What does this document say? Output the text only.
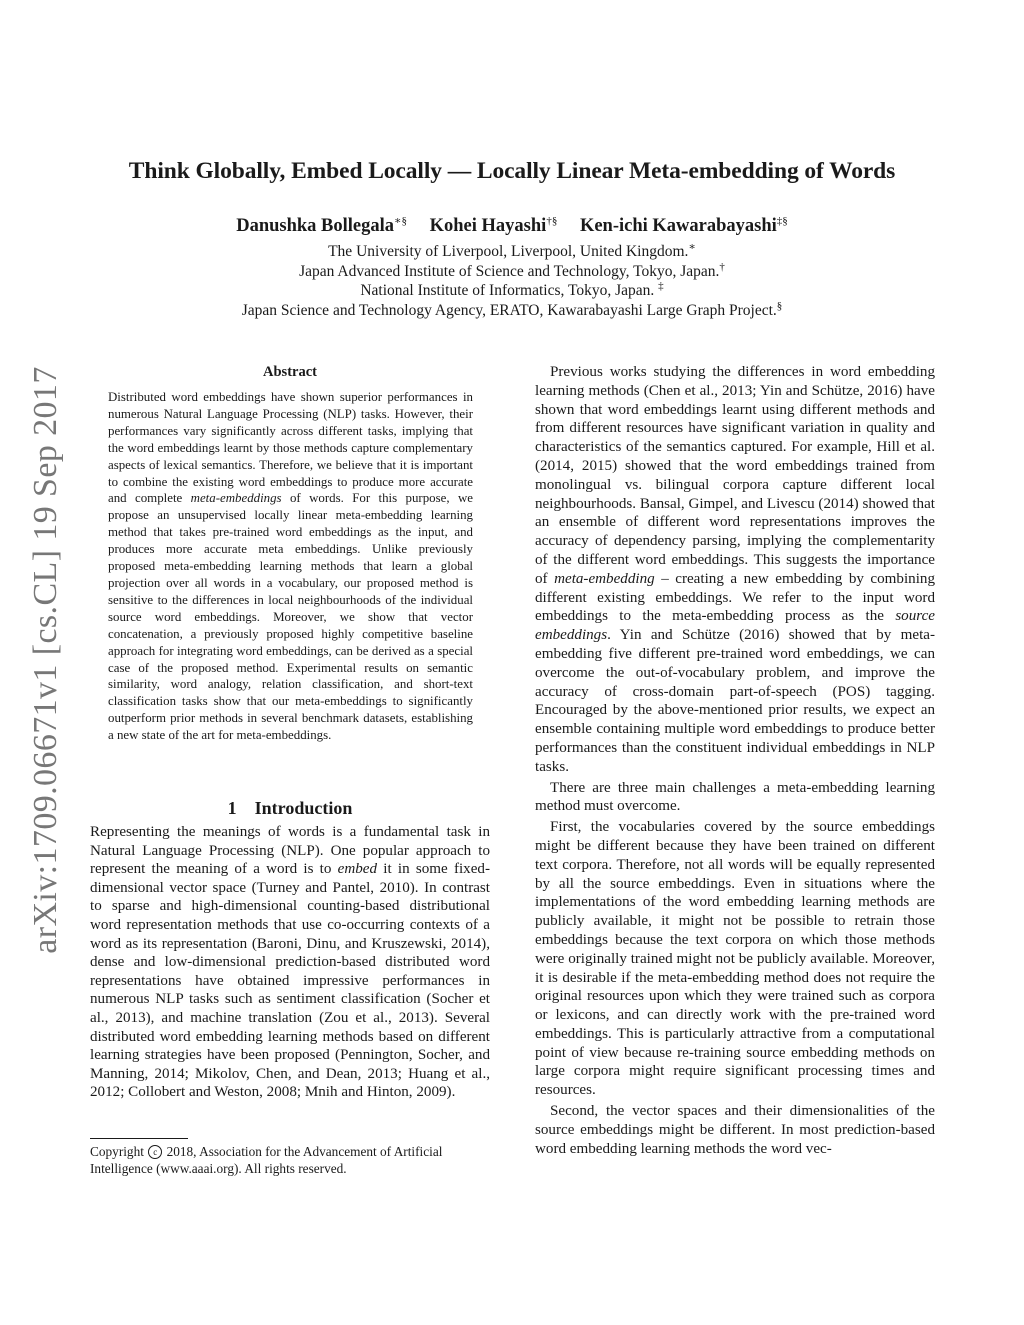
Think Globally, Embed Locally — Locally Linear Meta-embedding of Words
Danushka Bollegala∗§ Kohei Hayashi†§ Ken-ichi Kawarabayashi‡§
The University of Liverpool, Liverpool, United Kingdom.∗
Japan Advanced Institute of Science and Technology, Tokyo, Japan.†
National Institute of Informatics, Tokyo, Japan. ‡
Japan Science and Technology Agency, ERATO, Kawarabayashi Large Graph Project.§
arXiv:1709.06671v1 [cs.CL] 19 Sep 2017	Abstract

Distributed word embeddings have shown superior performances in numerous Natural Language Processing (NLP) tasks. However, their performances vary significantly across different tasks, implying that the word embeddings learnt by those methods capture complementary aspects of lexical semantics. Therefore, we believe that it is important to combine the existing word embeddings to produce more accurate and complete meta-embeddings of words. For this purpose, we propose an unsupervised locally linear meta-embedding learning method that takes pre-trained word embeddings as the input, and produces more accurate meta embeddings. Unlike previously proposed meta-embedding learning methods that learn a global projection over all words in a vocabulary, our proposed method is sensitive to the differences in local neighbourhoods of the individual source word embeddings. Moreover, we show that vector concatenation, a previously proposed highly competitive baseline approach for integrating word embeddings, can be derived as a special case of the proposed method. Experimental results on semantic similarity, word analogy, relation classification, and short-text classification tasks show that our meta-embeddings to significantly outperform prior methods in several benchmark datasets, establishing a new state of the art for meta-embeddings.

1 Introduction

Representing the meanings of words is a fundamental task in Natural Language Processing (NLP). One popular approach to represent the meaning of a word is to embed it in some fixed-dimensional vector space (Turney and Pantel, 2010). In contrast to sparse and high-dimensional counting-based distributional word representation methods that use co-occurring contexts of a word as its representation (Baroni, Dinu, and Kruszewski, 2014), dense and low-dimensional prediction-based distributed word representations have obtained impressive performances in numerous NLP tasks such as sentiment classification (Socher et al., 2013), and machine translation (Zou et al., 2013). Several distributed word embedding learning methods based on different learning strategies have been proposed (Pennington, Socher, and Manning, 2014; Mikolov, Chen, and Dean, 2013; Huang et al., 2012; Collobert and Weston, 2008; Mnih and Hinton, 2009).

Copyright c 2018, Association for the Advancement of Artificial Intelligence (www.aaai.org). All rights reserved.

Previous works studying the differences in word embedding learning methods (Chen et al., 2013; Yin and Schütze, 2016) have shown that word embeddings learnt using different methods and from different resources have significant variation in quality and characteristics of the semantics captured. For example, Hill et al. (2014, 2015) showed that the word embeddings trained from monolingual vs. bilingual corpora capture different local neighbourhoods. Bansal, Gimpel, and Livescu (2014) showed that an ensemble of different word representations improves the accuracy of dependency parsing, implying the complementarity of the different word embeddings. This suggests the importance of meta-embedding – creating a new embedding by combining different existing embeddings. We refer to the input word embeddings to the meta-embedding process as the source embeddings. Yin and Schütze (2016) showed that by meta-embedding five different pre-trained word embeddings, we can overcome the out-of-vocabulary problem, and improve the accuracy of cross-domain part-of-speech (POS) tagging. Encouraged by the above-mentioned prior results, we expect an ensemble containing multiple word embeddings to produce better performances than the constituent individual embeddings in NLP tasks.

There are three main challenges a meta-embedding learning method must overcome.

First, the vocabularies covered by the source embeddings might be different because they have been trained on different text corpora. Therefore, not all words will be equally represented by all the source embeddings. Even in situations where the implementations of the word embedding learning methods are publicly available, it might not be possible to retrain those embeddings because the text corpora on which those methods were originally trained might not be publicly available. Moreover, it is desirable if the meta-embedding method does not require the original resources upon which they were trained such as corpora or lexicons, and can directly work with the pre-trained word embeddings. This is particularly attractive from a computational point of view because re-training source embedding methods on large corpora might require significant processing times and resources.

Second, the vector spaces and their dimensionalities of the source embeddings might be different. In most prediction-based word embedding learning methods the word vec-
